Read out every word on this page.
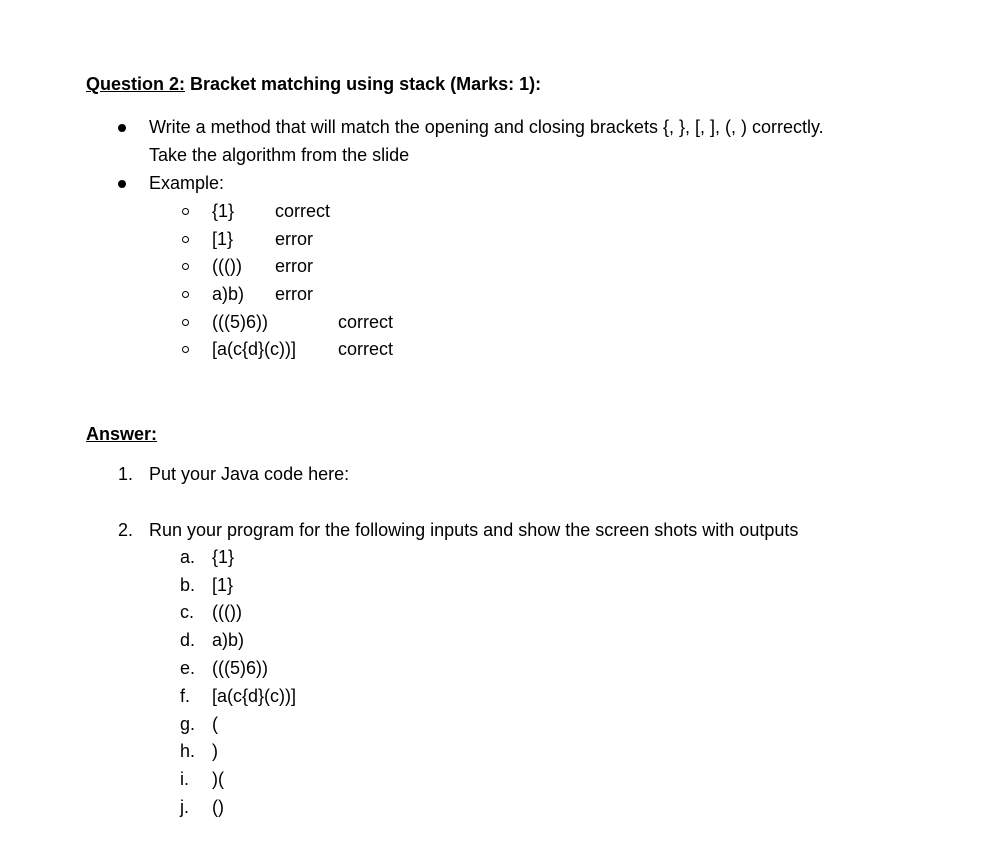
Question 2: Bracket matching using stack (Marks: 1):
Write a method that will match the opening and closing brackets {, }, [, ], (, ) correctly.
Take the algorithm from the slide
Example:
{1} correct
[1} error
((()) error
a)b) error
(((5)6))	correct
[a(c{d}(c))] correct
Answer:
1. Put your Java code here:
2. Run your program for the following inputs and show the screen shots with outputs
a. {1}
b. [1}
c. ((())
d. a)b)
e. (((5)6))
f. [a(c{d}(c))]
g. (
h. )
i. )(
j. ()
